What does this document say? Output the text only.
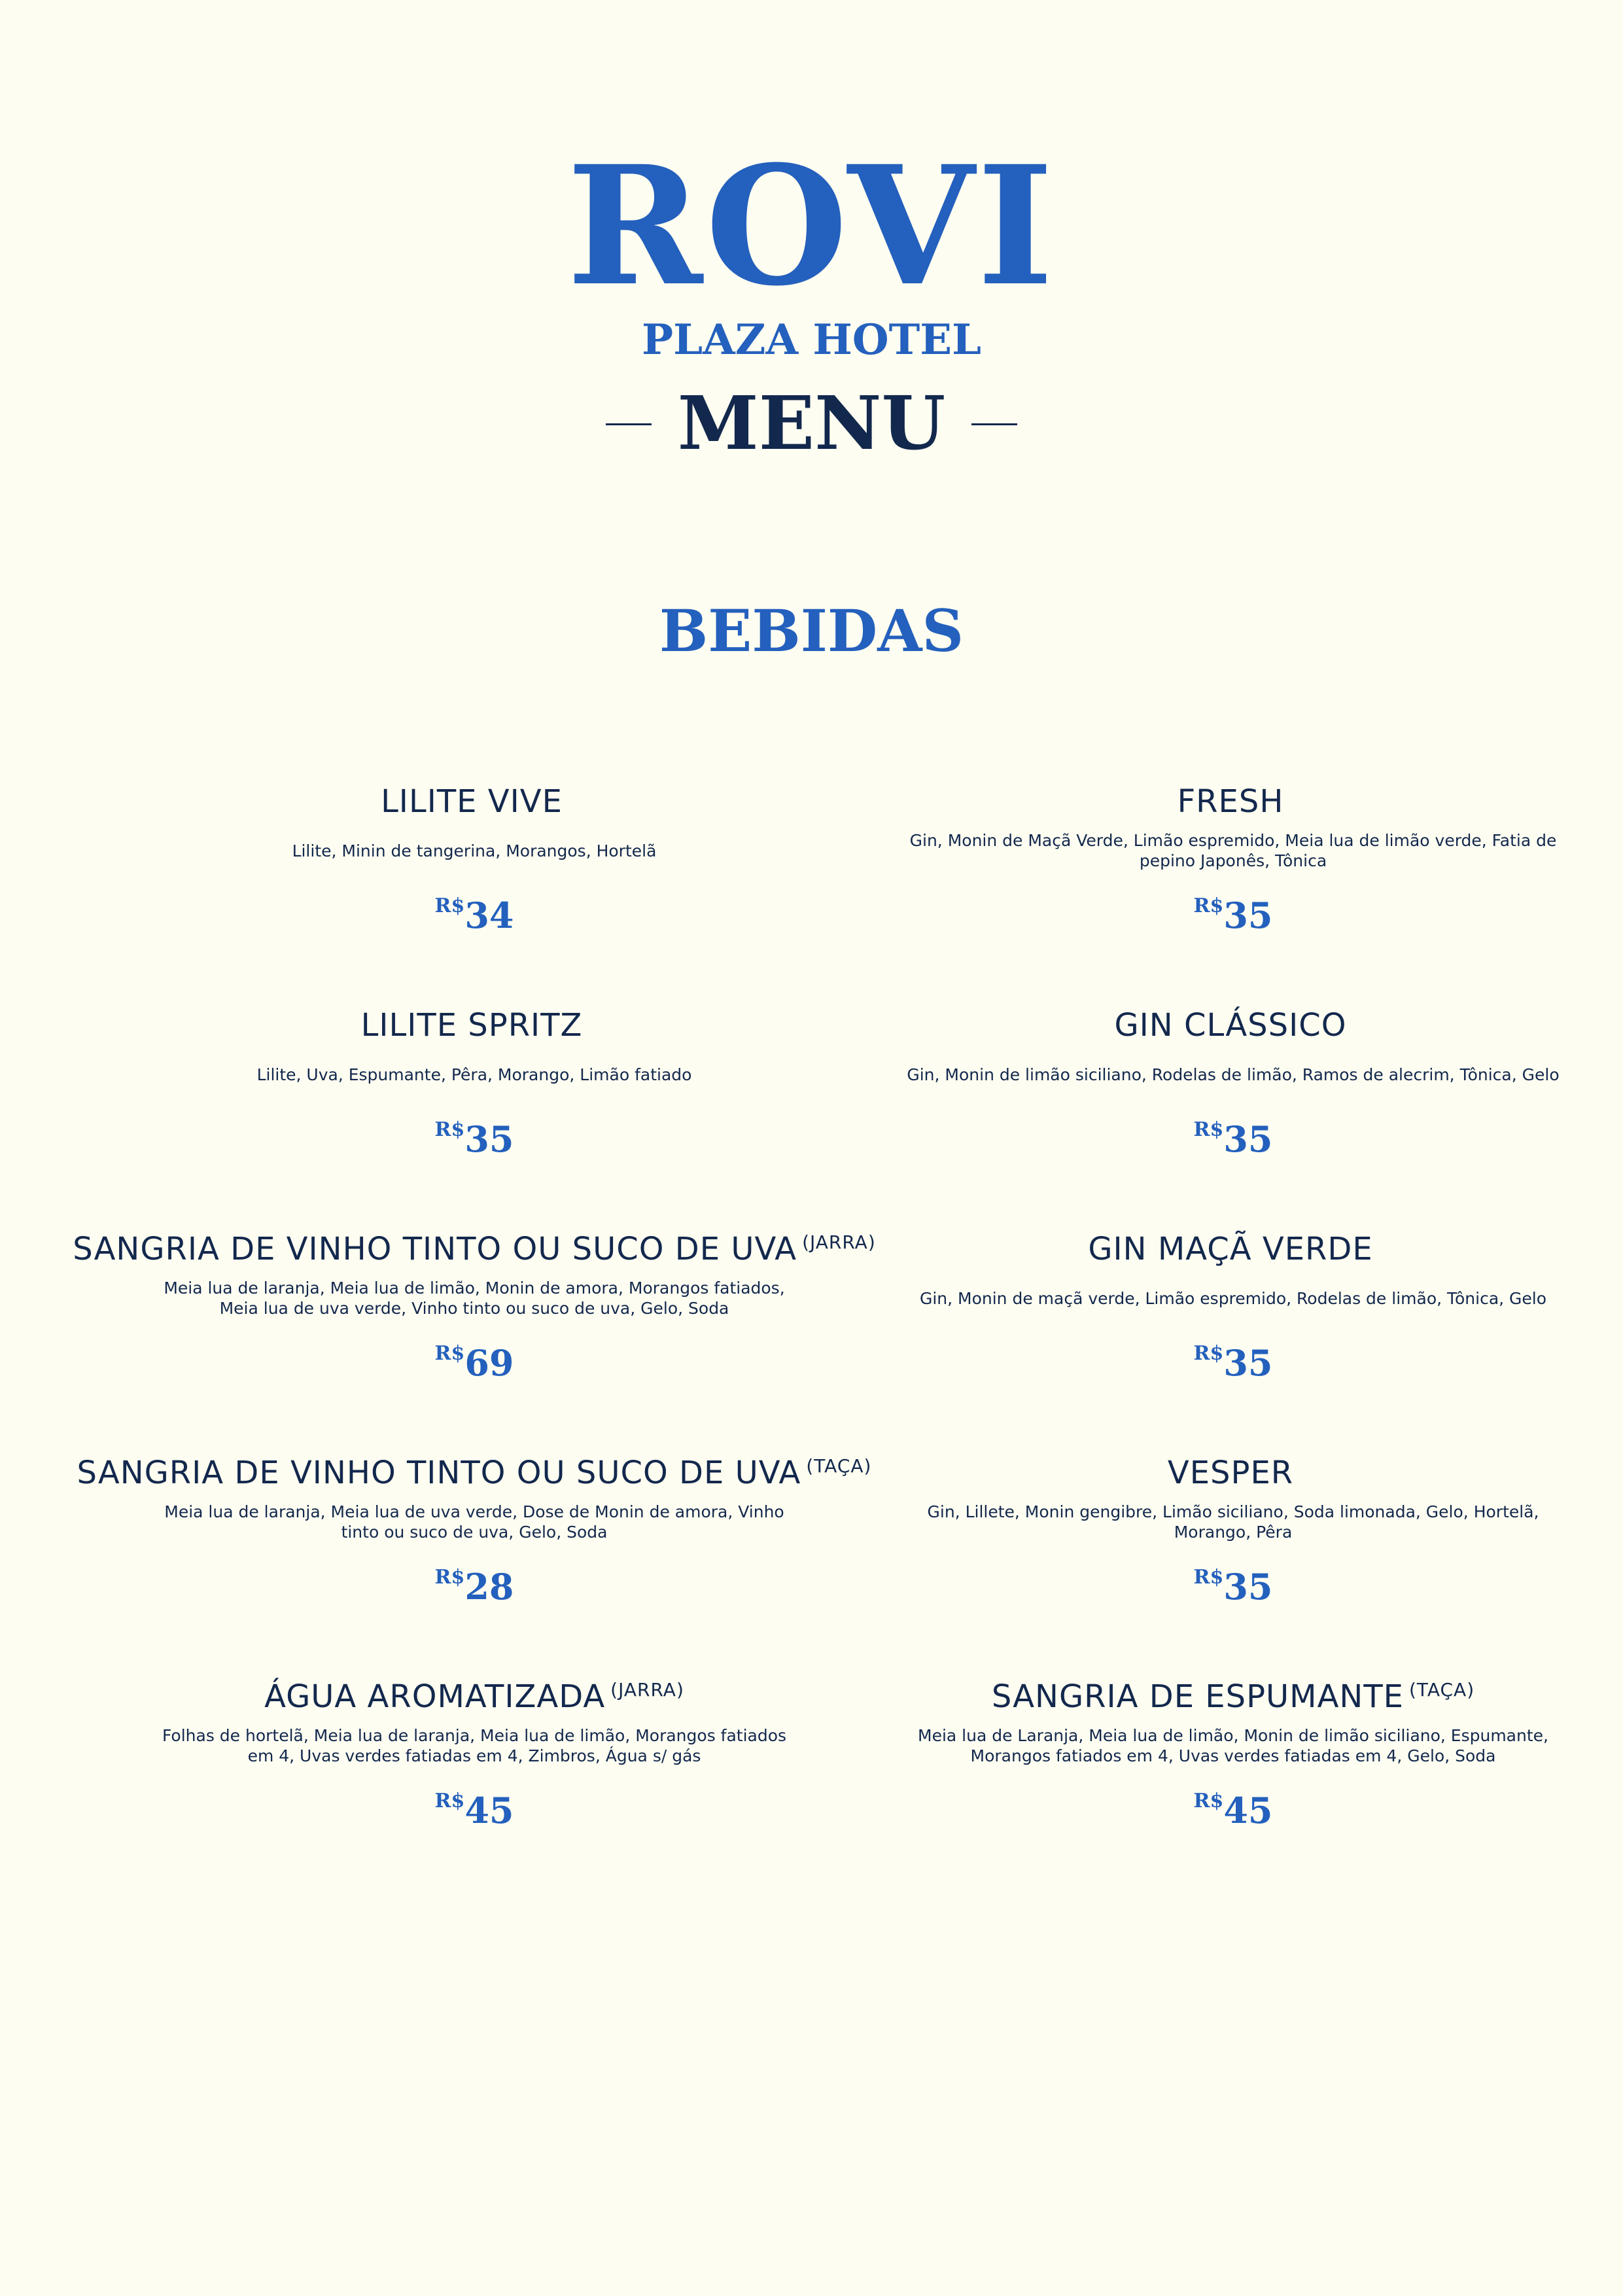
ROVI
PLAZA HOTEL
MENU
BEBIDAS
LILITE VIVE
Lilite, Minin de tangerina, Morangos, Hortelã
R$34
LILITE SPRITZ
Lilite, Uva, Espumante, Pêra, Morango, Limão fatiado
R$35
SANGRIA DE VINHO TINTO OU SUCO DE UVA $^{(JARRA)}$
Meia lua de laranja, Meia lua de limão, Monin de amora, Morangos fatiados, Meia lua de uva verde, Vinho tinto ou suco de uva, Gelo, Soda
R$69
SANGRIA DE VINHO TINTO OU SUCO DE UVA $^{(TAÇA)}$
Meia lua de laranja, Meia lua de uva verde, Dose de Monin de amora, Vinho tinto ou suco de uva, Gelo, Soda
R$28
ÁGUA AROMATIZADA $^{(JARRA)}$
Folhas de hortelã, Meia lua de laranja, Meia lua de limão, Morangos fatiados em 4, Uvas verdes fatiadas em 4, Zimbros, Água s/ gás
R$45
FRESH
Gin, Monin de Maçã Verde, Limão espremido, Meia lua de limão verde, Fatia de pepino Japonês, Tônica
R$35
GIN CLÁSSICO
Gin, Monin de limão siciliano, Rodelas de limão, Ramos de alecrim, Tônica, Gelo
R$35
GIN MAÇÃ VERDE
Gin, Monin de maçã verde, Limão espremido, Rodelas de limão, Tônica, Gelo
R$35
VESPER
Gin, Lillete, Monin gengibre, Limão siciliano, Soda limonada, Gelo, Hortelã, Morango, Pêra
R$35
SANGRIA DE ESPUMANTE $^{(TAÇA)}$
Meia lua de Laranja, Meia lua de limão, Monin de limão siciliano, Espumante, Morangos fatiados em 4, Uvas verdes fatiadas em 4, Gelo, Soda
R$45
